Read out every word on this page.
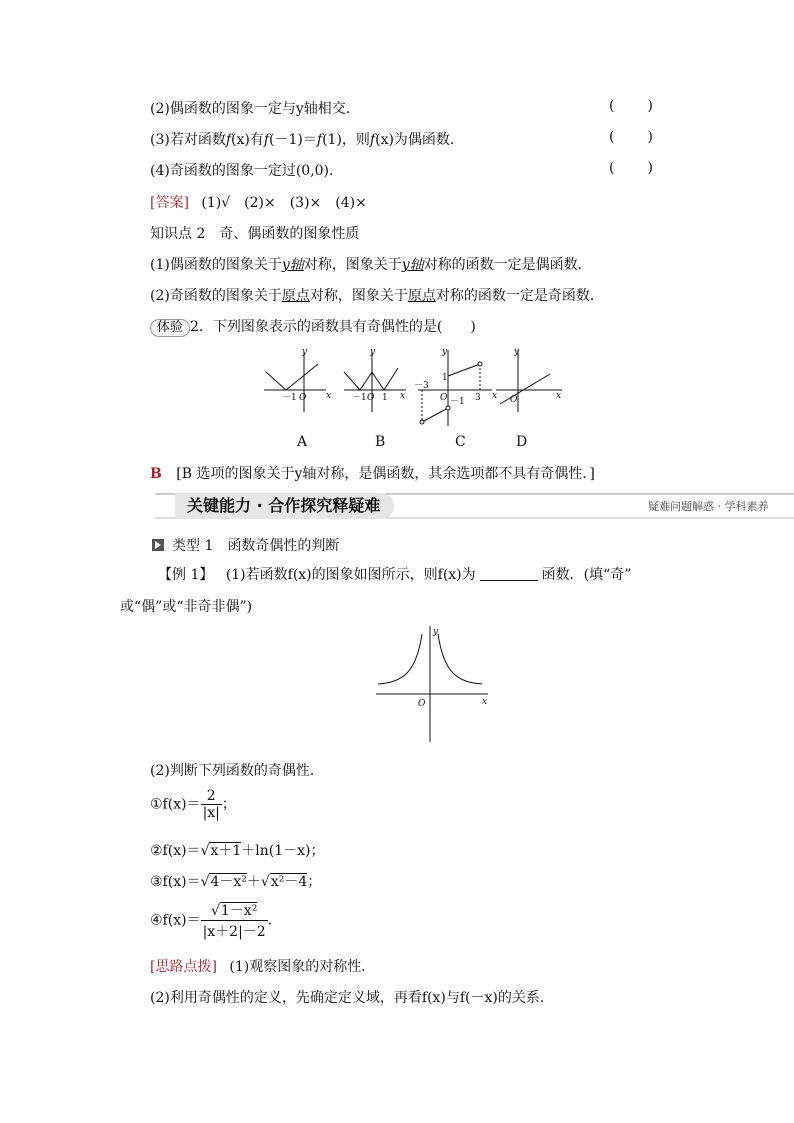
(2)偶函数的图象一定与y轴相交．	( )
(3)若对函数f(x)有f(－1)＝f(1)，则f(x)为偶函数．	( )
(4)奇函数的图象一定过(0,0)．	( )
[答案] (1)√　(2)×　(3)×　(4)×
知识点 2　奇、偶函数的图象性质
(1)偶函数的图象关于y轴对称，图象关于y轴对称的函数一定是偶函数．
(2)奇函数的图象关于原点对称，图象关于原点对称的函数一定是奇函数．
体验 2．下列图象表示的函数具有奇偶性的是(　　)
y
x
O
y
x
O
y
x
O
y
x
O
－1	－1 1
－3
1
－1 3
A	B	C	D
B [B 选项的图象关于y轴对称，是偶函数，其余选项都不具有奇偶性．]
关键能力 · 合作探究释疑难	疑难问题解惑 · 学科素养
类型 1　函数奇偶性的判断
【例 1】 (1)若函数f(x)的图象如图所示，则f(x)为	函数．(填“奇”
或“偶”或“非奇非偶”)
y
x
O
(2)判断下列函数的奇偶性．
①f(x)＝ $\frac{2}{|x|}$ ；
②f(x)＝√x＋1＋ln(1－x)；
③f(x)＝√4－x²＋√x²－4；
④f(x)＝ $\frac{\text{√1－x²}}{|x+2|-2}$ ．
[思路点拨] (1)观察图象的对称性．
(2)利用奇偶性的定义，先确定定义域，再看f(x)与f(－x)的关系．
